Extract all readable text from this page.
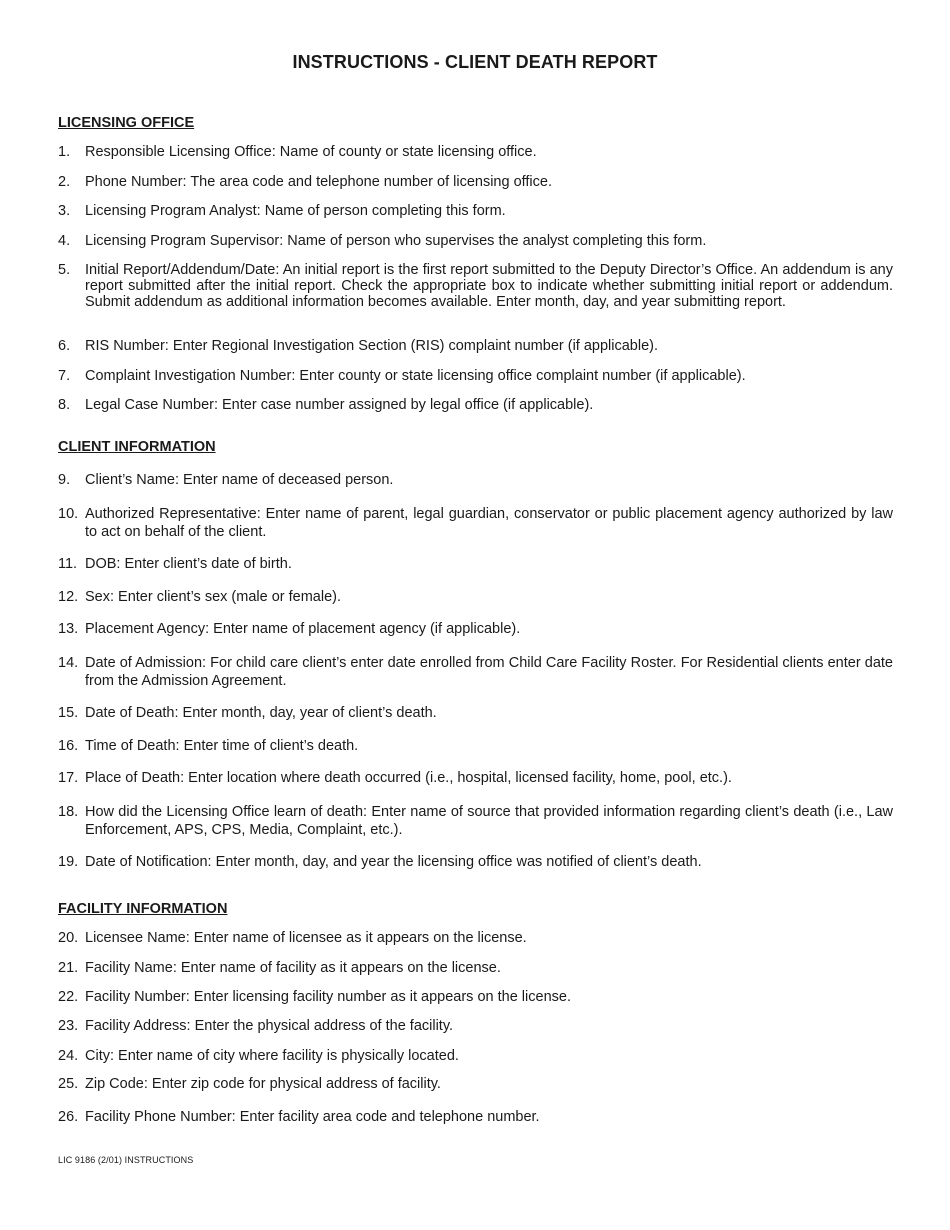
INSTRUCTIONS - CLIENT DEATH REPORT
LICENSING OFFICE
1. Responsible Licensing Office: Name of county or state licensing office.
2. Phone Number: The area code and telephone number of licensing office.
3. Licensing Program Analyst: Name of person completing this form.
4. Licensing Program Supervisor: Name of person who supervises the analyst completing this form.
5. Initial Report/Addendum/Date: An initial report is the first report submitted to the Deputy Director’s Office. An addendum is any report submitted after the initial report. Check the appropriate box to indicate whether submitting initial report or addendum. Submit addendum as additional information becomes available. Enter month, day, and year submitting report.
6. RIS Number: Enter Regional Investigation Section (RIS) complaint number (if applicable).
7. Complaint Investigation Number: Enter county or state licensing office complaint number (if applicable).
8. Legal Case Number: Enter case number assigned by legal office (if applicable).
CLIENT INFORMATION
9. Client’s Name: Enter name of deceased person.
10. Authorized Representative: Enter name of parent, legal guardian, conservator or public placement agency authorized by law to act on behalf of the client.
11. DOB: Enter client’s date of birth.
12. Sex: Enter client’s sex (male or female).
13. Placement Agency: Enter name of placement agency (if applicable).
14. Date of Admission: For child care client’s enter date enrolled from Child Care Facility Roster. For Residential clients enter date from the Admission Agreement.
15. Date of Death: Enter month, day, year of client’s death.
16. Time of Death: Enter time of client’s death.
17. Place of Death: Enter location where death occurred (i.e., hospital, licensed facility, home, pool, etc.).
18. How did the Licensing Office learn of death: Enter name of source that provided information regarding client’s death (i.e., Law Enforcement, APS, CPS, Media, Complaint, etc.).
19. Date of Notification: Enter month, day, and year the licensing office was notified of client’s death.
FACILITY INFORMATION
20. Licensee Name: Enter name of licensee as it appears on the license.
21. Facility Name: Enter name of facility as it appears on the license.
22. Facility Number: Enter licensing facility number as it appears on the license.
23. Facility Address: Enter the physical address of the facility.
24. City: Enter name of city where facility is physically located.
25. Zip Code: Enter zip code for physical address of facility.
26. Facility Phone Number: Enter facility area code and telephone number.
LIC 9186 (2/01) INSTRUCTIONS
